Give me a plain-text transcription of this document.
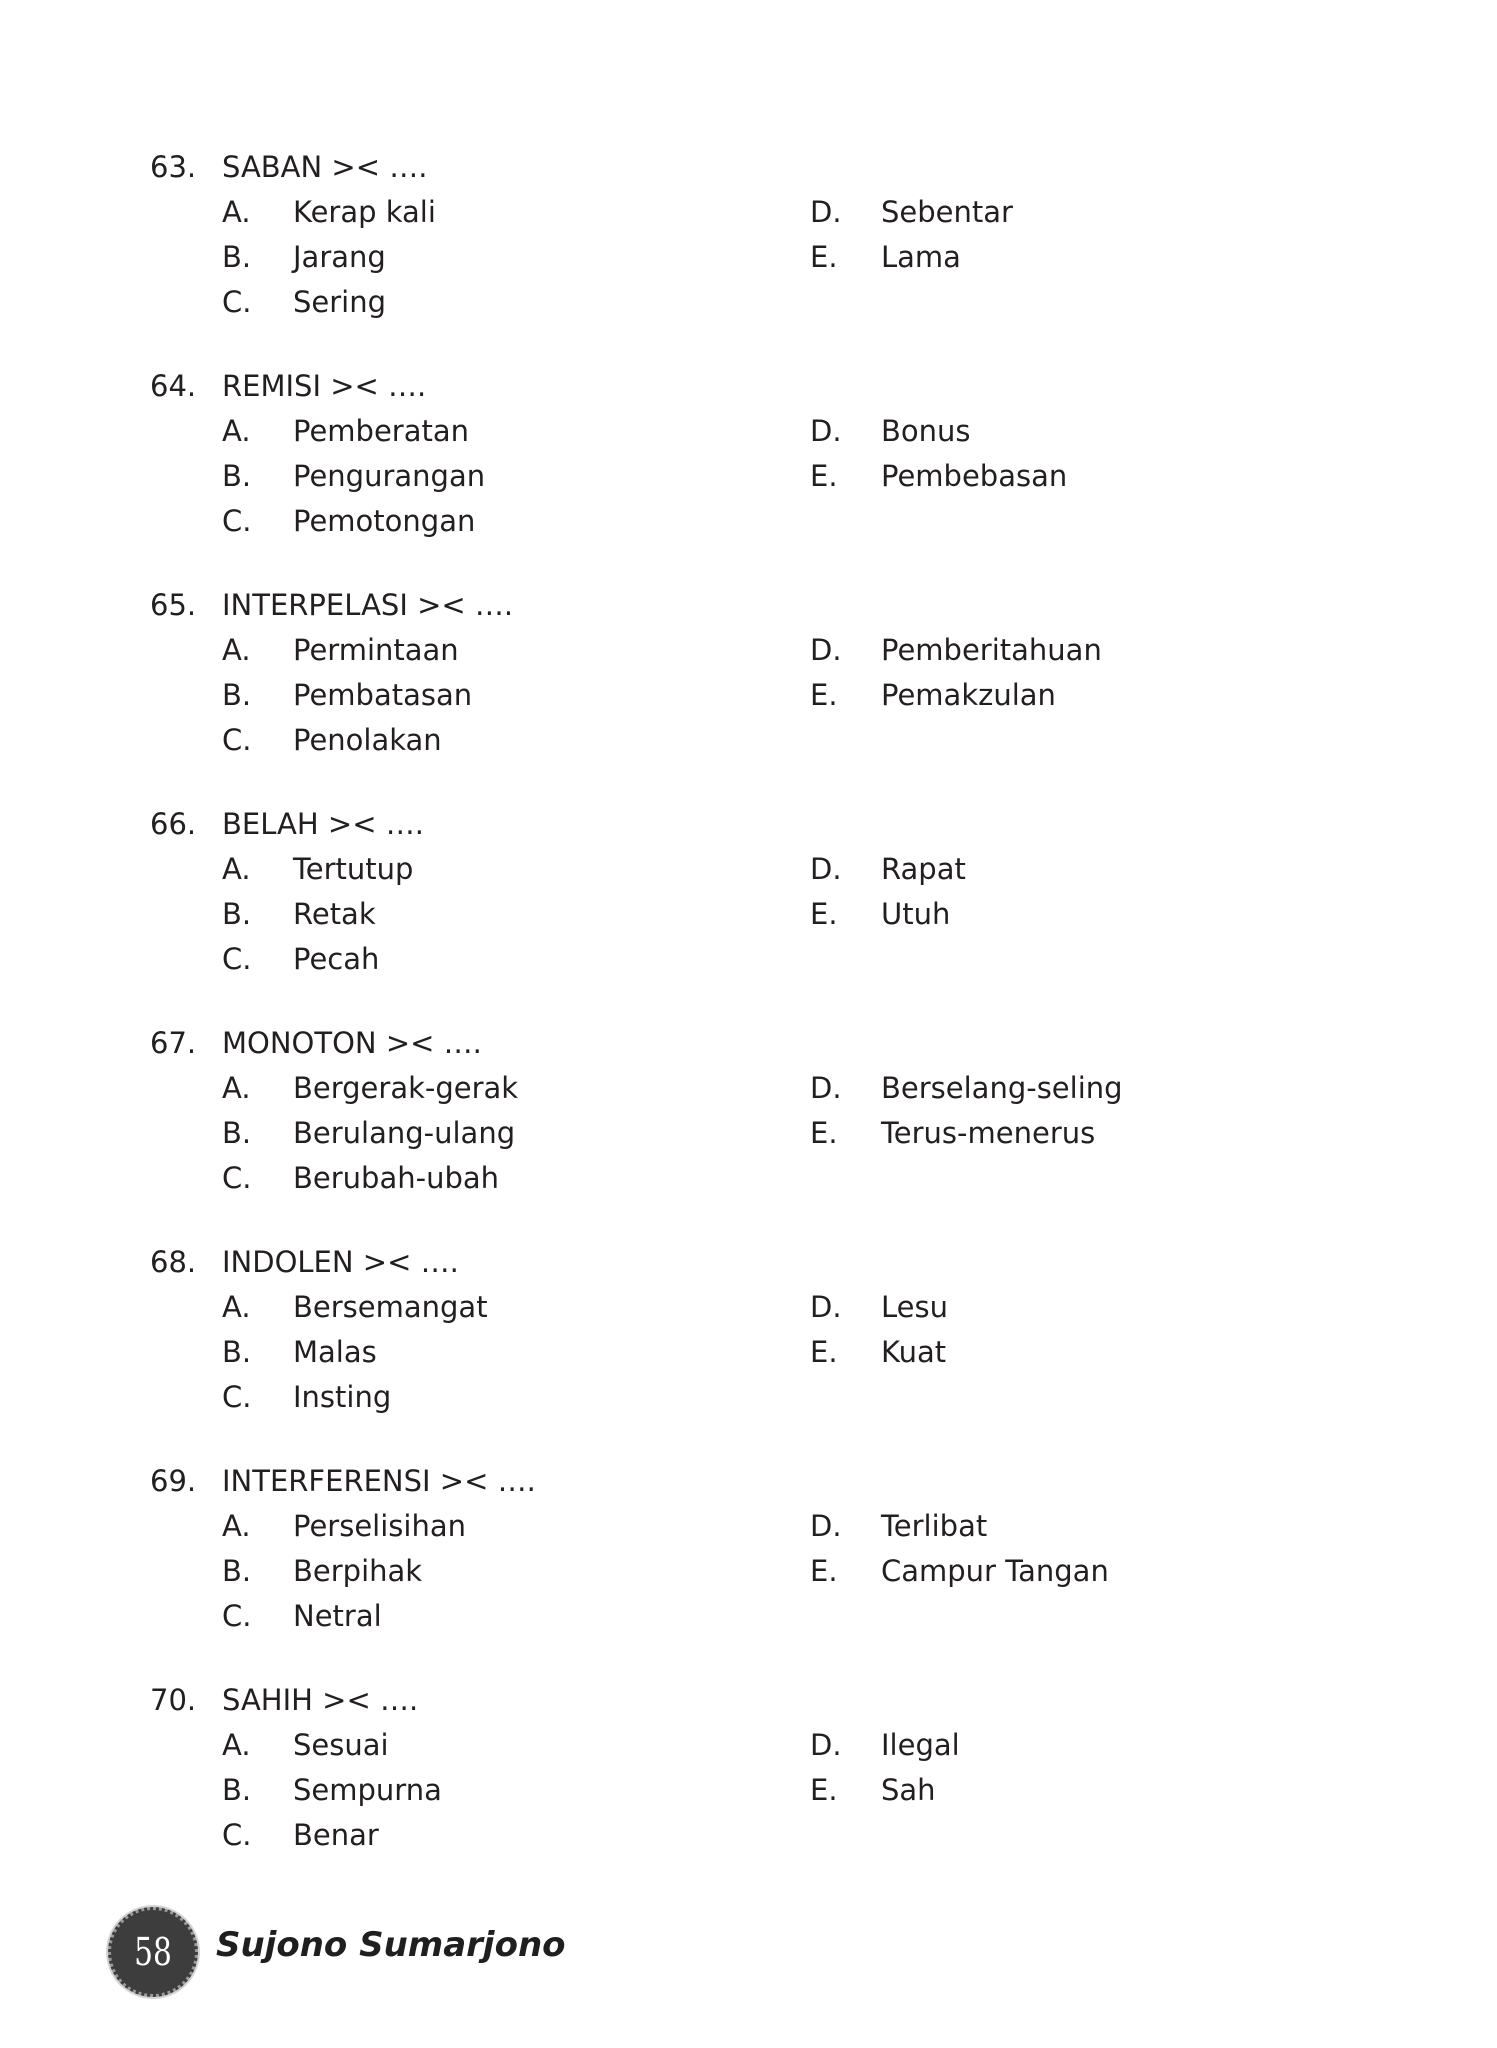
63. SABAN >< ….
A. Kerap kali
B. Jarang
C. Sering
D. Sebentar
E. Lama
64. REMISI >< ….
A. Pemberatan
B. Pengurangan
C. Pemotongan
D. Bonus
E. Pembebasan
65. INTERPELASI >< ….
A. Permintaan
B. Pembatasan
C. Penolakan
D. Pemberitahuan
E. Pemakzulan
66. BELAH >< ….
A. Tertutup
B. Retak
C. Pecah
D. Rapat
E. Utuh
67. MONOTON >< ….
A. Bergerak-gerak
B. Berulang-ulang
C. Berubah-ubah
D. Berselang-seling
E. Terus-menerus
68. INDOLEN >< ….
A. Bersemangat
B. Malas
C. Insting
D. Lesu
E. Kuat
69. INTERFERENSI >< ….
A. Perselisihan
B. Berpihak
C. Netral
D. Terlibat
E. Campur Tangan
70. SAHIH >< ….
A. Sesuai
B. Sempurna
C. Benar
D. Ilegal
E. Sah
58	Sujono Sumarjono
